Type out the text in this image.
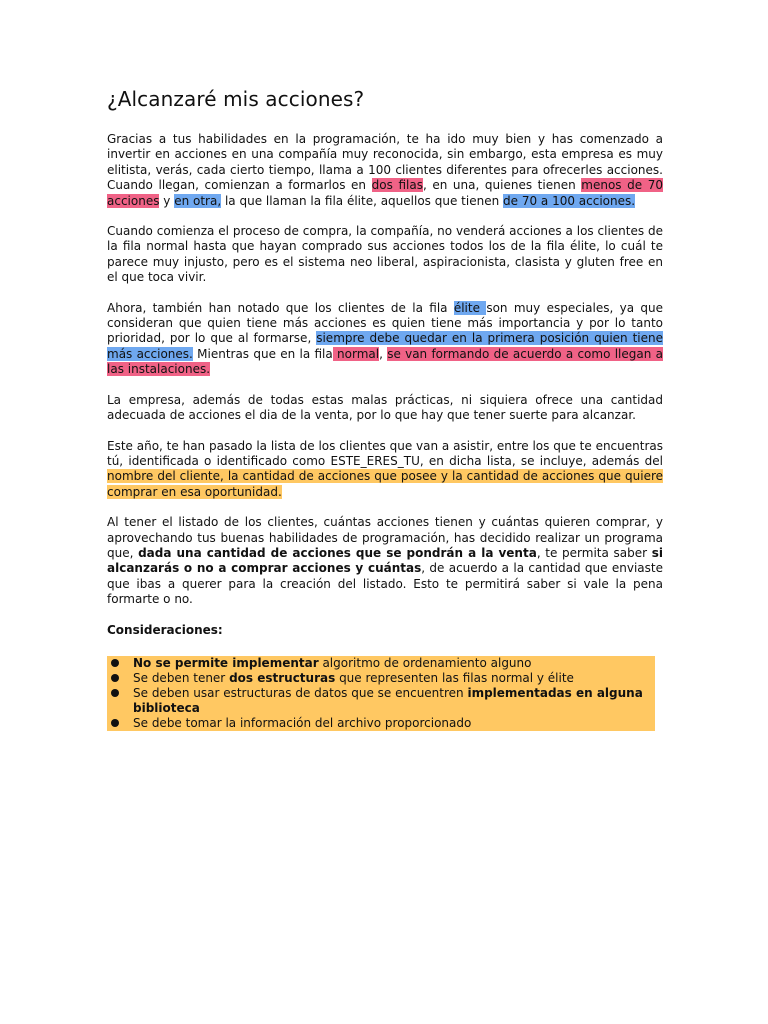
¿Alcanzaré mis acciones?

Gracias a tus habilidades en la programación, te ha ido muy bien y has comenzado a invertir en acciones en una compañía muy reconocida, sin embargo, esta empresa es muy elitista, verás, cada cierto tiempo, llama a 100 clientes diferentes para ofrecerles acciones. Cuando llegan, comienzan a formarlos en dos filas, en una, quienes tienen menos de 70 acciones y en otra, la que llaman la fila élite, aquellos que tienen de 70 a 100 acciones.

Cuando comienza el proceso de compra, la compañía, no venderá acciones a los clientes de la fila normal hasta que hayan comprado sus acciones todos los de la fila élite, lo cuál te parece muy injusto, pero es el sistema neo liberal, aspiracionista, clasista y gluten free en el que toca vivir.

Ahora, también han notado que los clientes de la fila élite son muy especiales, ya que consideran que quien tiene más acciones es quien tiene más importancia y por lo tanto prioridad, por lo que al formarse, siempre debe quedar en la primera posición quien tiene más acciones. Mientras que en la fila normal, se van formando de acuerdo a como llegan a las instalaciones.

La empresa, además de todas estas malas prácticas, ni siquiera ofrece una cantidad adecuada de acciones el dia de la venta, por lo que hay que tener suerte para alcanzar.

Este año, te han pasado la lista de los clientes que van a asistir, entre los que te encuentras tú, identificada o identificado como ESTE_ERES_TU, en dicha lista, se incluye, además del nombre del cliente, la cantidad de acciones que posee y la cantidad de acciones que quiere comprar en esa oportunidad.

Al tener el listado de los clientes, cuántas acciones tienen y cuántas quieren comprar, y aprovechando tus buenas habilidades de programación, has decidido realizar un programa que, dada una cantidad de acciones que se pondrán a la venta, te permita saber si alcanzarás o no a comprar acciones y cuántas, de acuerdo a la cantidad que enviaste que ibas a querer para la creación del listado. Esto te permitirá saber si vale la pena formarte o no.

Consideraciones:
No se permite implementar algoritmo de ordenamiento alguno
Se deben tener dos estructuras que representen las filas normal y élite
Se deben usar estructuras de datos que se encuentren implementadas en alguna biblioteca
Se debe tomar la información del archivo proporcionado
